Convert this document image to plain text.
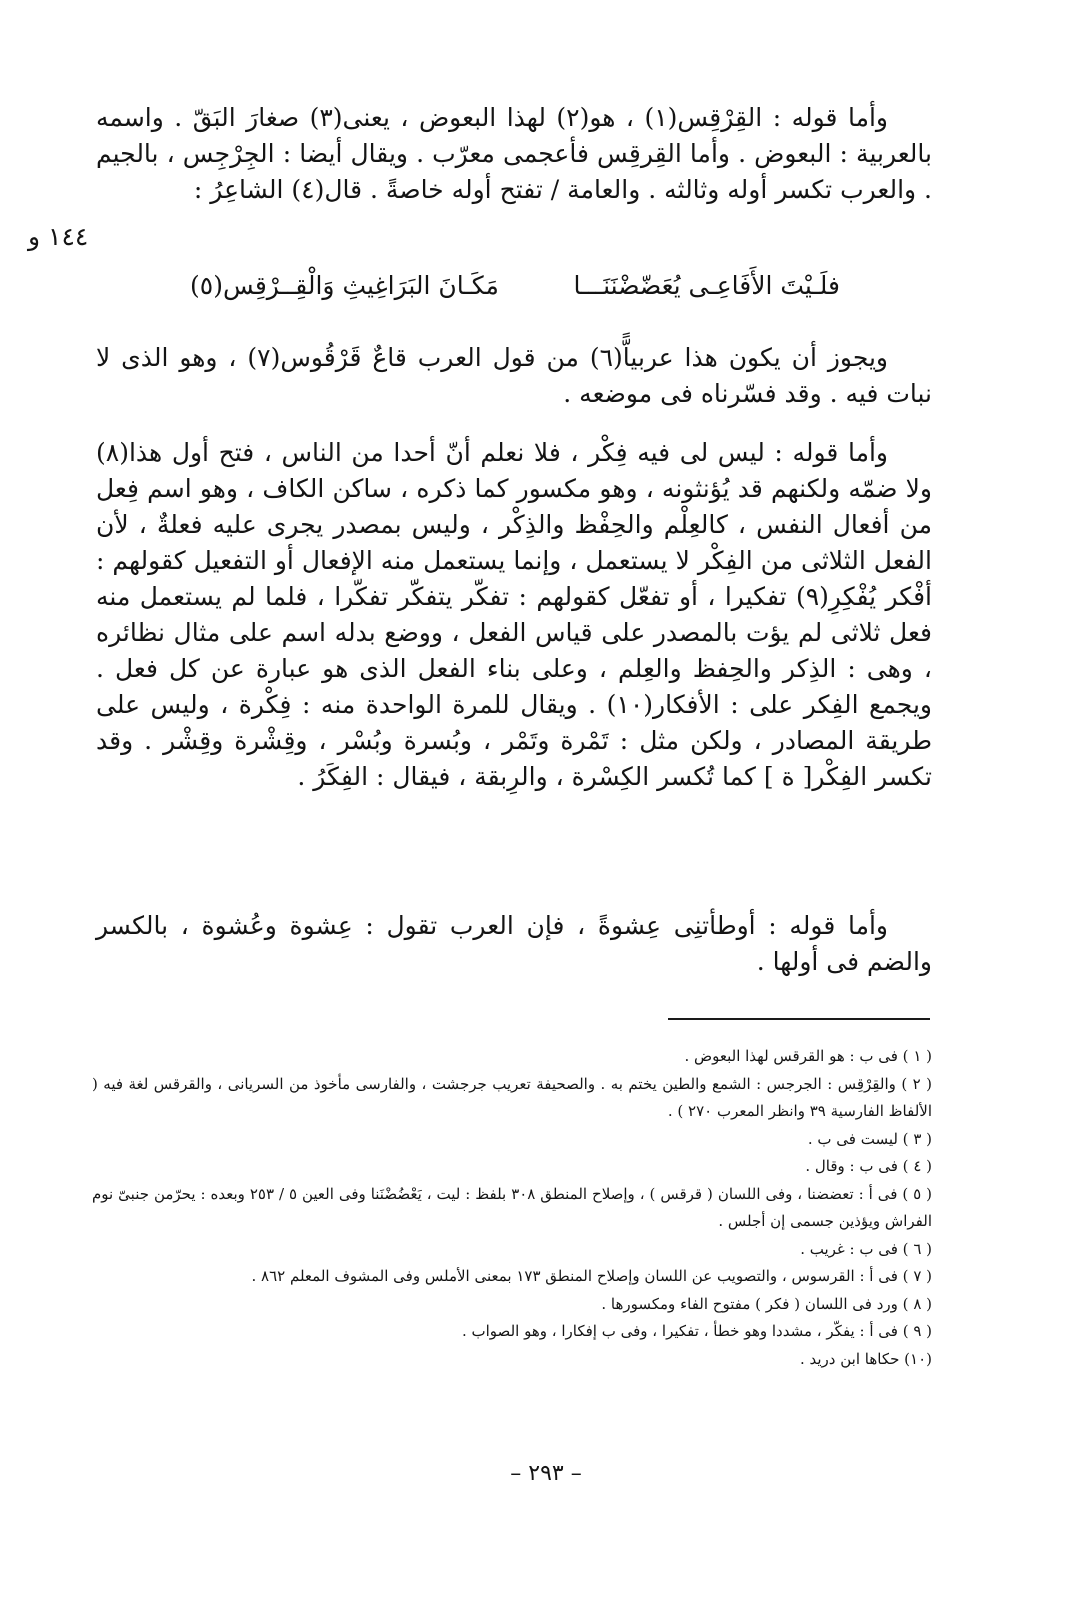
١٤٤ و
وأما قوله : القِرْقِس(١) ، هو(٢) لهذا البعوض ، يعنى(٣) صغارَ البَقّ . واسمه بالعربية : البعوض . وأما القِرقِس فأعجمى معرّب . ويقال أيضا : الجِرْجِس ، بالجيم . والعرب تكسر أوله وثالثه . والعامة / تفتح أوله خاصةً . قال(٤) الشاعِرُ :
مَكَـانَ البَرَاغِيثِ وَالْقِــرْقِس(٥)	فلَـيْتَ الأَفَاعِـى يُعَضّضْنَنَـــا
ويجوز أن يكون هذا عربياًّ(٦) من قول العرب قاعٌ قَرْقُوس(٧) ، وهو الذى لا نبات فيه . وقد فسّرناه فى موضعه .
وأما قوله : ليس لى فيه فِكْر ، فلا نعلم أنّ أحدا من الناس ، فتح أول هذا(٨) ولا ضمّه ولكنهم قد يُؤنثونه ، وهو مكسور كما ذكره ، ساكن الكاف ، وهو اسم فِعل من أفعال النفس ، كالعِلْم والحِفْظ والذِكْر ، وليس بمصدر يجرى عليه فعلةٌ ، لأن الفعل الثلاثى من الفِكْر لا يستعمل ، وإنما يستعمل منه الإفعال أو التفعيل كقولهم : أفْكر يُفْكِرِ(٩) تفكيرا ، أو تفعّل كقولهم : تفكّر يتفكّر تفكّرا ، فلما لم يستعمل منه فعل ثلاثى لم يؤت بالمصدر على قياس الفعل ، ووضع بدله اسم على مثال نظائره ، وهى : الذِكر والحِفظ والعِلم ، وعلى بناء الفعل الذى هو عبارة عن كل فعل . ويجمع الفِكر على : الأفكار(١٠) . ويقال للمرة الواحدة منه : فِكْرة ، وليس على طريقة المصادر ، ولكن مثل : تَمْرة وتَمْر ، وبُسرة وبُسْر ، وقِشْرة وقِشْر . وقد تكسر الفِكْر[ ة ] كما تُكسر الكِسْرة ، والرِبقة ، فيقال : الفِكَرُ .
وأما قوله : أوطأتنِى عِشوةً ، فإن العرب تقول : عِشوة وعُشوة ، بالكسر والضم فى أولها .
( ١ ) فى ب : هو القرقس لهذا البعوض .
( ٢ ) والقِرْقِس : الجرجس : الشمع والطين يختم به . والصحيفة تعريب جرجشت ، والفارسى مأخوذ من السريانى ، والقرقس لغة فيه ( الألفاظ الفارسية ٣٩ وانظر المعرب ٢٧٠ ) .
( ٣ ) ليست فى ب .
( ٤ ) فى ب : وقال .
( ٥ ) فى أ : تعضضنا ، وفى اللسان ( قرقس ) ، وإصلاح المنطق ٣٠٨ بلفظ : ليت ، يَعْضُضْنَنا وفى العين ٥ / ٢٥٣ وبعده : يحرّمن جنبىّ نوم الفراش ويؤذين جسمى إن أجلس .
( ٦ ) فى ب : غريب .
( ٧ ) فى أ : القرسوس ، والتصويب عن اللسان وإصلاح المنطق ١٧٣ بمعنى الأملس وفى المشوف المعلم ٨٦٢ .
( ٨ ) ورد فى اللسان ( فكر ) مفتوح الفاء ومكسورها .
( ٩ ) فى أ : يفكّر ، مشددا وهو خطأ ، تفكيرا ، وفى ب إفكارا ، وهو الصواب .
(١٠) حكاها ابن دريد .
– ٢٩٣ –
